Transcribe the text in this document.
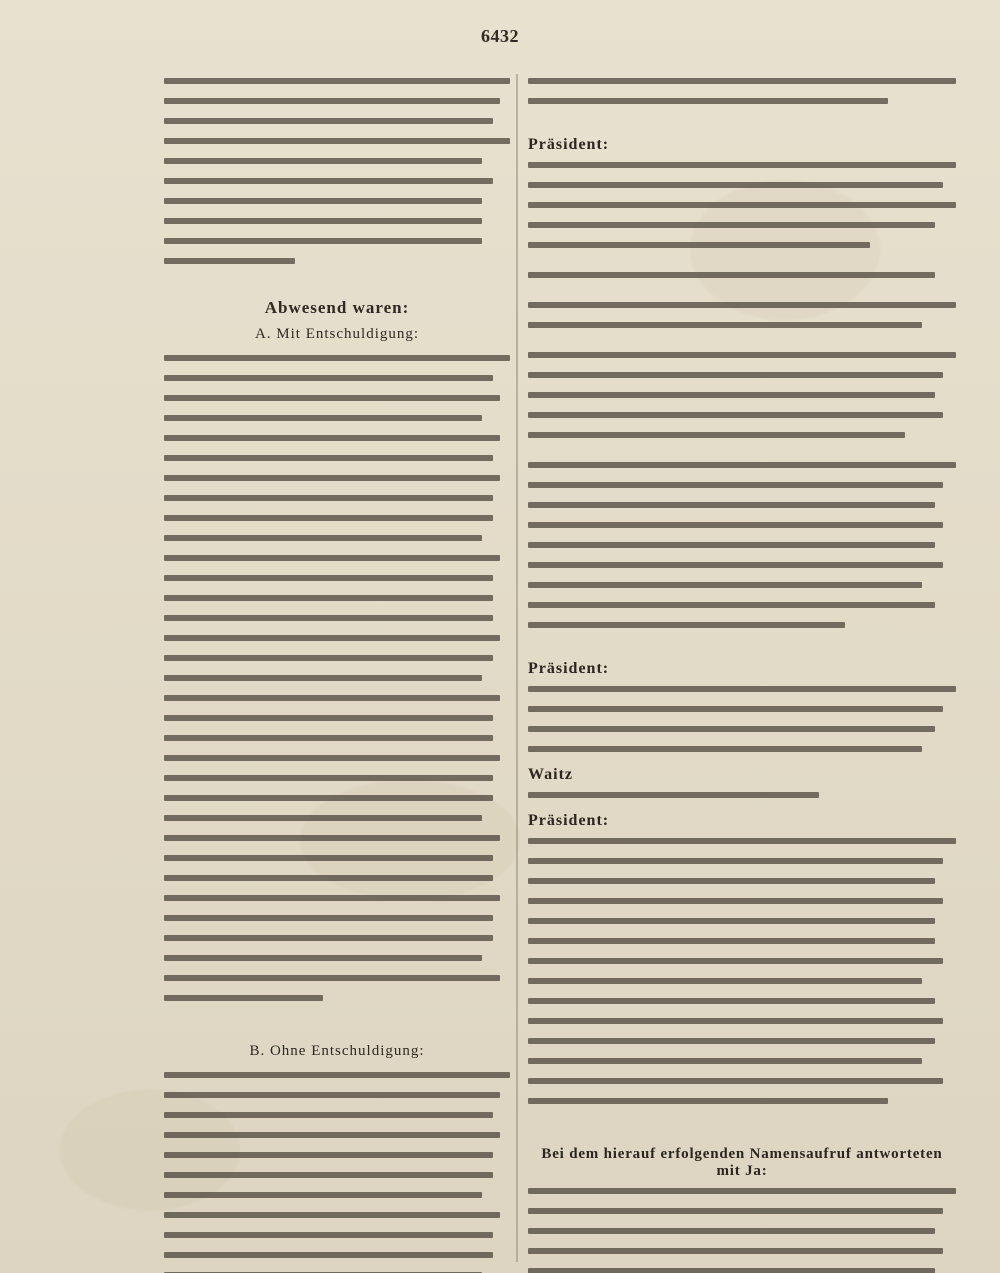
6432
Abwesend waren:
A. Mit Entschuldigung:
B. Ohne Entschuldigung:
Präsident:
Präsident:
Waitz
Präsident:
Bei dem hierauf erfolgenden Namensaufruf antworteten mit Ja:
